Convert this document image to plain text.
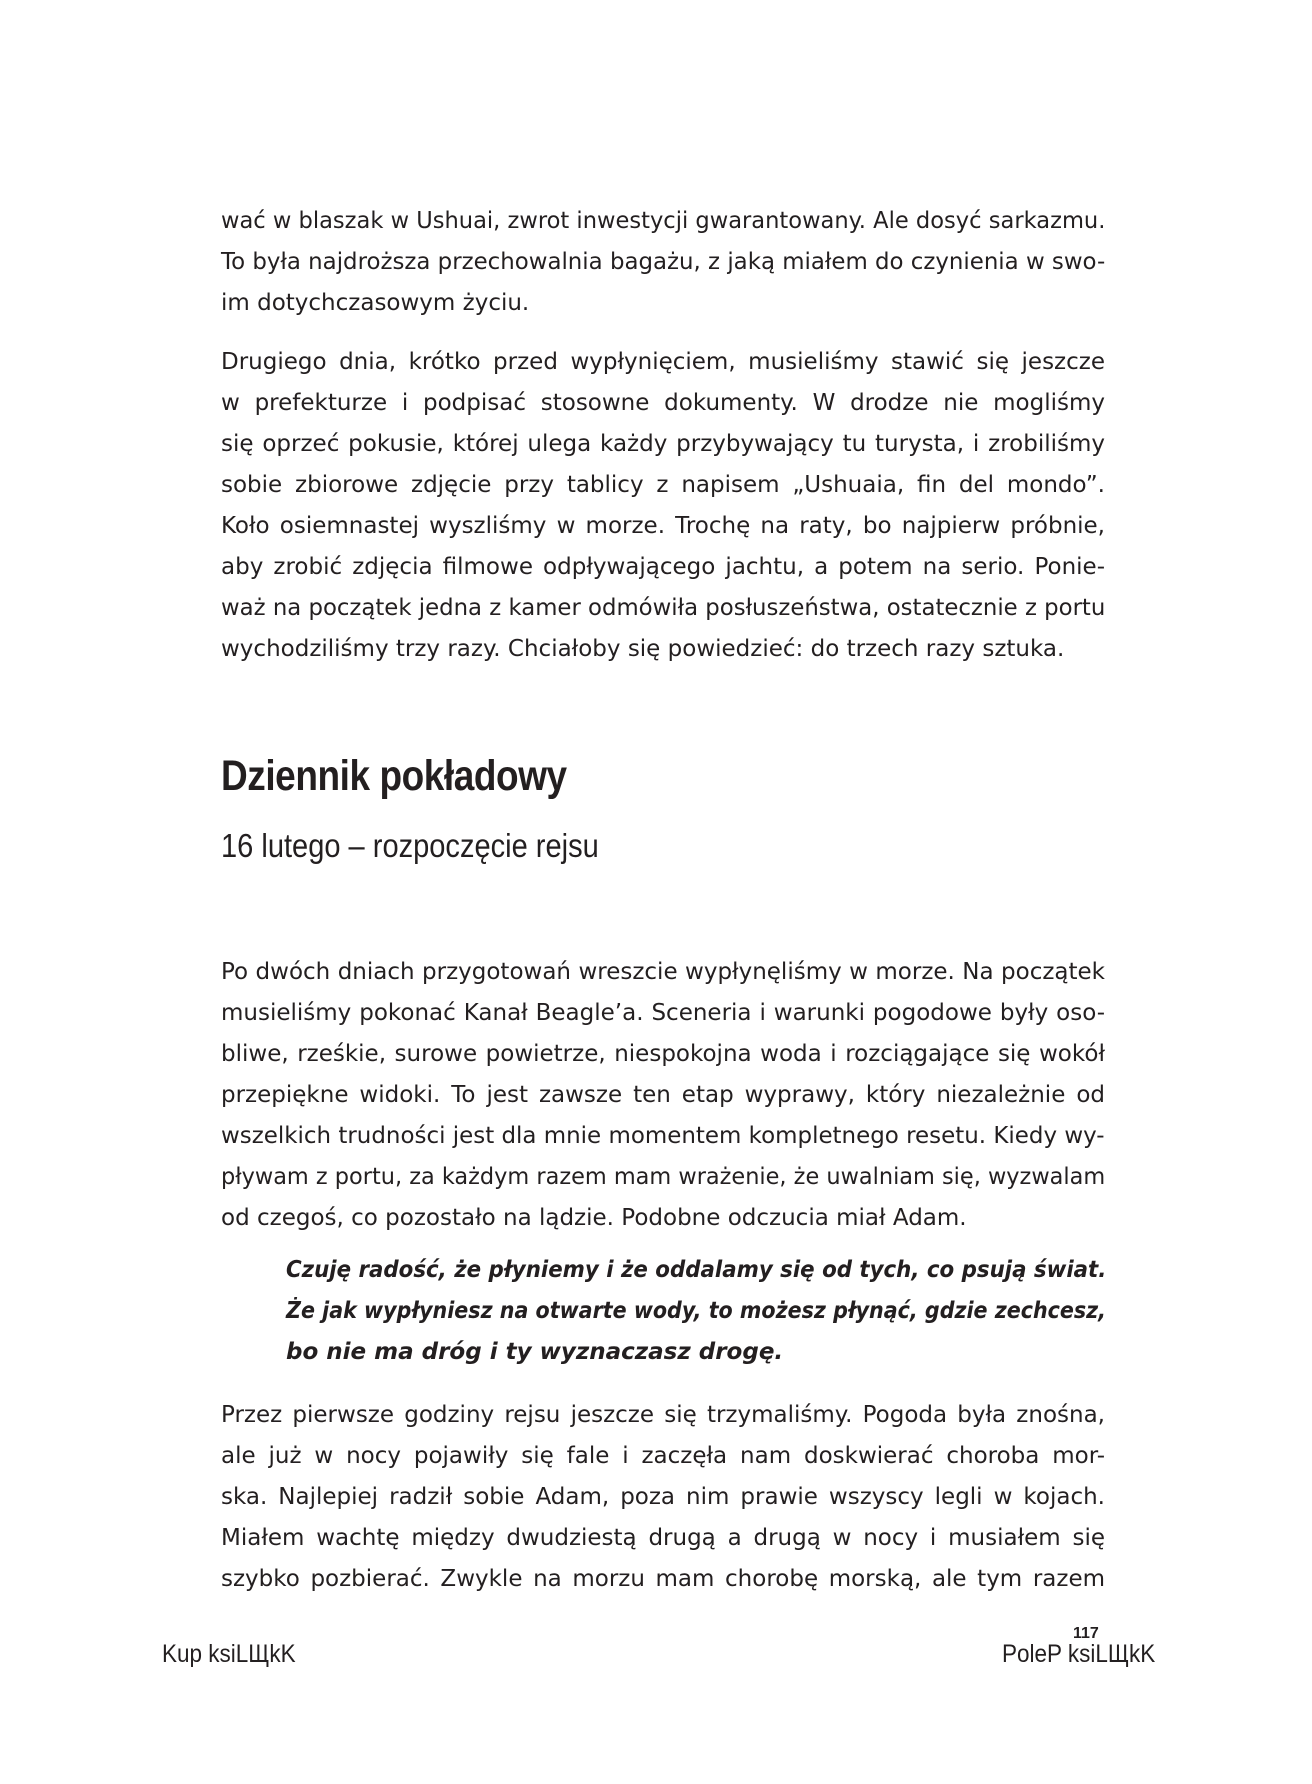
wać w blaszak w Ushuai, zwrot inwestycji gwarantowany. Ale dosyć sarkazmu.
To była najdroższa przechowalnia bagażu, z jaką miałem do czynienia w swo-
im dotychczasowym życiu.

Drugiego dnia, krótko przed wypłynięciem, musieliśmy stawić się jeszcze
w prefekturze i podpisać stosowne dokumenty. W drodze nie mogliśmy
się oprzeć pokusie, której ulega każdy przybywający tu turysta, i zrobiliśmy
sobie zbiorowe zdjęcie przy tablicy z napisem „Ushuaia, fin del mondo”.
Koło osiemnastej wyszliśmy w morze. Trochę na raty, bo najpierw próbnie,
aby zrobić zdjęcia filmowe odpływającego jachtu, a potem na serio. Ponie-
waż na początek jedna z kamer odmówiła posłuszeństwa, ostatecznie z portu
wychodziliśmy trzy razy. Chciałoby się powiedzieć: do trzech razy sztuka.

Dziennik pokładowy
16 lutego – rozpoczęcie rejsu

Po dwóch dniach przygotowań wreszcie wypłynęliśmy w morze. Na początek
musieliśmy pokonać Kanał Beagle’a. Sceneria i warunki pogodowe były oso-
bliwe, rześkie, surowe powietrze, niespokojna woda i rozciągające się wokół
przepiękne widoki. To jest zawsze ten etap wyprawy, który niezależnie od
wszelkich trudności jest dla mnie momentem kompletnego resetu. Kiedy wy-
pływam z portu, za każdym razem mam wrażenie, że uwalniam się, wyzwalam
od czegoś, co pozostało na lądzie. Podobne odczucia miał Adam.

Czuję radość, że płyniemy i że oddalamy się od tych, co psują świat.
Że jak wypłyniesz na otwarte wody, to możesz płynąć, gdzie zechcesz,
bo nie ma dróg i ty wyznaczasz drogę.

Przez pierwsze godziny rejsu jeszcze się trzymaliśmy. Pogoda była znośna,
ale już w nocy pojawiły się fale i zaczęła nam doskwierać choroba mor-
ska. Najlepiej radził sobie Adam, poza nim prawie wszyscy legli w kojach.
Miałem wachtę między dwudziestą drugą a drugą w nocy i musiałem się
szybko pozbierać. Zwykle na morzu mam chorobę morską, ale tym razem

117
Kup ksiLЩkK	PoleP ksiLЩkK
